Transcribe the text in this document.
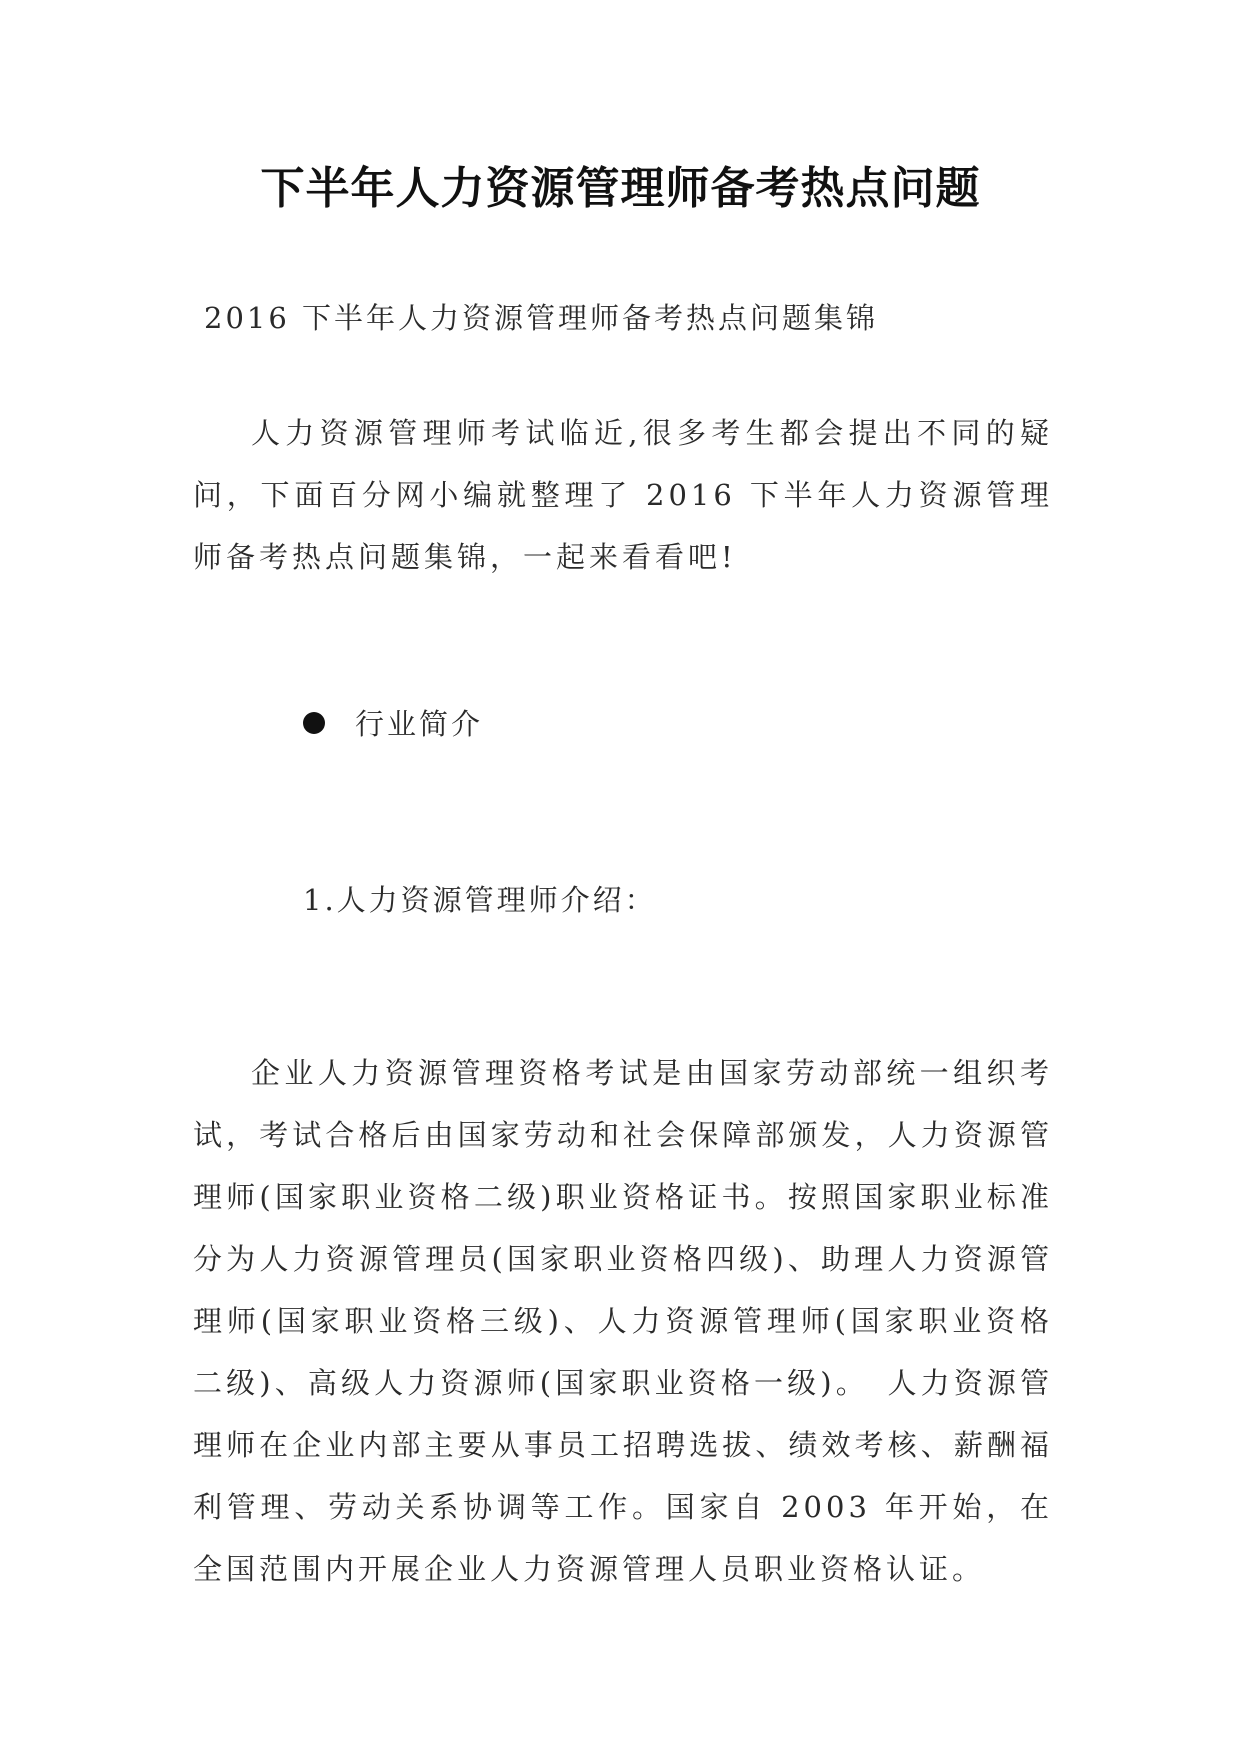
下半年人力资源管理师备考热点问题

2016 下半年人力资源管理师备考热点问题集锦

人力资源管理师考试临近,很多考生都会提出不同的疑问，下面百分网小编就整理了 2016 下半年人力资源管理师备考热点问题集锦，一起来看看吧!

行业简介

1.人力资源管理师介绍：

企业人力资源管理资格考试是由国家劳动部统一组织考试，考试合格后由国家劳动和社会保障部颁发，人力资源管理师(国家职业资格二级)职业资格证书。按照国家职业标准分为人力资源管理员(国家职业资格四级)、助理人力资源管理师(国家职业资格三级)、人力资源管理师(国家职业资格二级)、高级人力资源师(国家职业资格一级)。　人力资源管理师在企业内部主要从事员工招聘选拔、绩效考核、薪酬福利管理、劳动关系协调等工作。国家自 2003 年开始，在全国范围内开展企业人力资源管理人员职业资格认证。
